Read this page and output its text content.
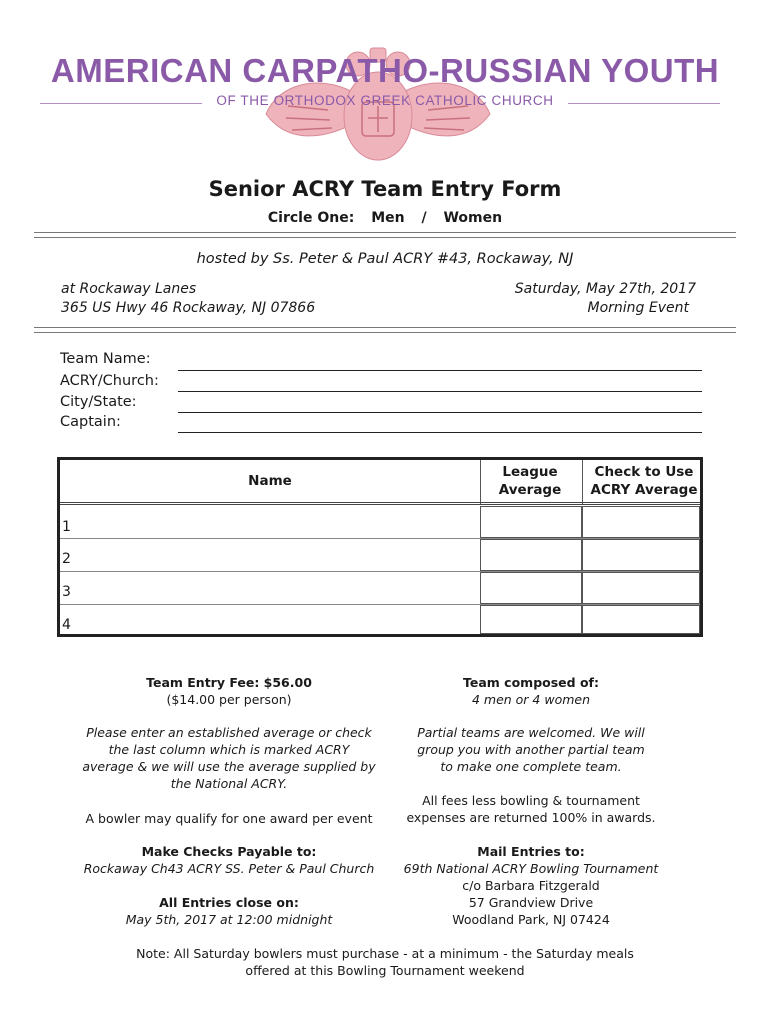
AMERICAN CARPATHO-RUSSIAN YOUTH
OF THE ORTHODOX GREEK CATHOLIC CHURCH
Senior ACRY Team Entry Form
Circle One: Men / Women
hosted by Ss. Peter & Paul ACRY #43, Rockaway, NJ
at Rockaway Lanes
365 US Hwy 46 Rockaway, NJ 07866
Saturday, May 27th, 2017
Morning Event
Team Name:
ACRY/Church:
City/State:
Captain:
Name
League
Average
Check to Use
ACRY Average
1
2
3
4
Team Entry Fee: $56.00
($14.00 per person)
Please enter an established average or check
the last column which is marked ACRY
average & we will use the average supplied by
the National ACRY.
A bowler may qualify for one award per event
Make Checks Payable to:
Rockaway Ch43 ACRY SS. Peter & Paul Church
All Entries close on:
May 5th, 2017 at 12:00 midnight
Team composed of:
4 men or 4 women
Partial teams are welcomed. We will
group you with another partial team
to make one complete team.
All fees less bowling & tournament
expenses are returned 100% in awards.
Mail Entries to:
69th National ACRY Bowling Tournament
c/o Barbara Fitzgerald
57 Grandview Drive
Woodland Park, NJ 07424
Note: All Saturday bowlers must purchase - at a minimum - the Saturday meals
offered at this Bowling Tournament weekend
